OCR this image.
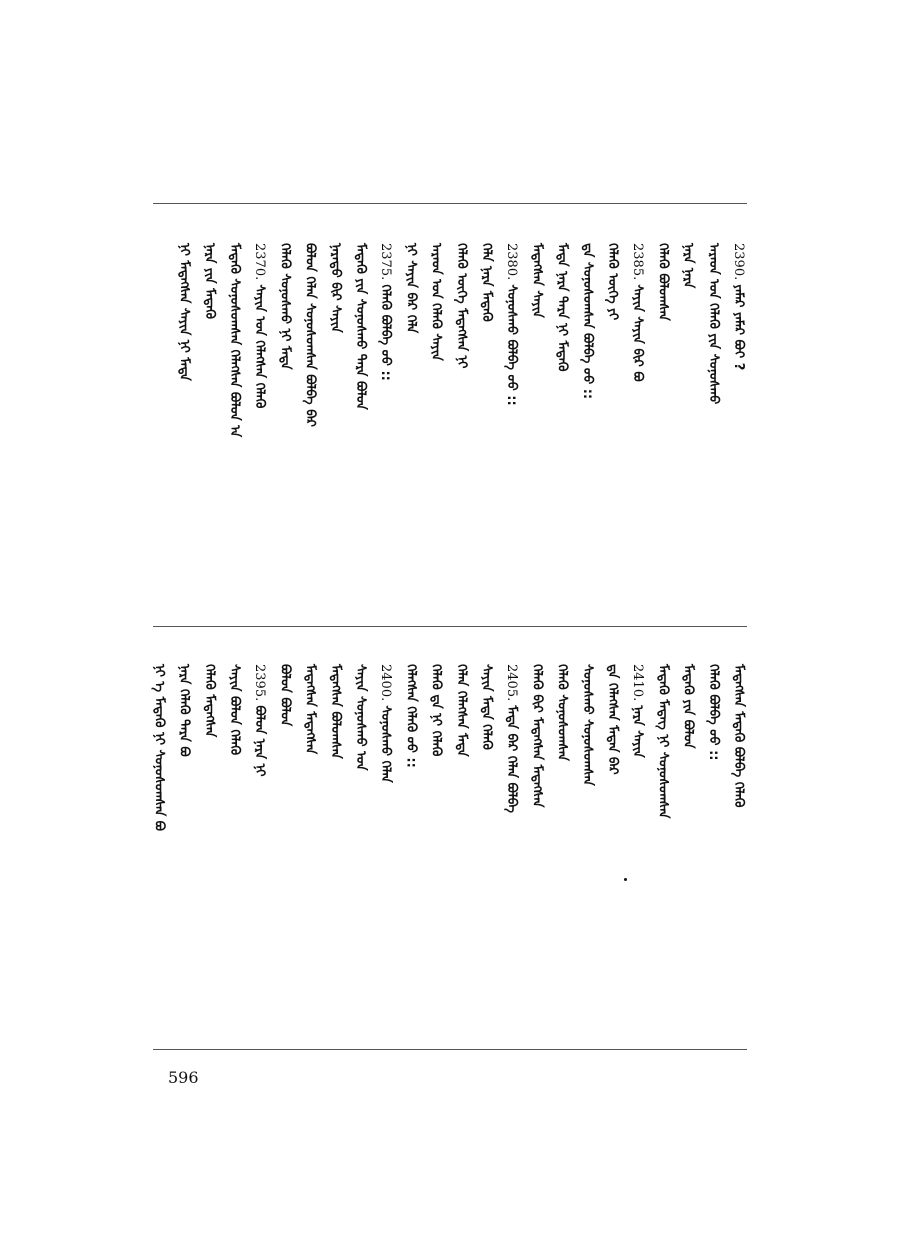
2390. ᠶᠠᠮᠠᠷ ᠶᠠᠮᠠᠷ ᠪᠤᠢ ?
ᠠᠷᠠᠳ ᠤᠨ ᠬᠡᠯᠡᠬᠦ ᠶᠢᠨ ᠰᠣᠨᠣᠰᠬᠤ
ᠨᠡᠷᠡ ᠨᠡᠷᠡ
ᠬᠡᠯᠡᠬᠦ ᠪᠤᠯᠤᠭᠰᠠᠨ
2385. ᠰᠠᠶᠢᠨ ᠰᠠᠶᠢᠨ ᠪᠢᠷ ᠪᠤ
ᠬᠡᠯᠡᠬᠦ ᠦᠭᠡ ᠶᠢ
ᠳᠠ ᠰᠣᠨᠣᠰᠤᠭᠰᠠᠨ ᠪᠤᠯᠪᠠ ᠤᠤ ::
ᠮᠡᠳᠡ ᠨᠡᠷᠡ ᠲᠡᠷᠡ ᠨᠢ ᠮᠡᠳᠡᠬᠦ
ᠮᠡᠳᠡᠭᠰᠡᠨ ᠰᠠᠶᠢᠨ
2380. ᠰᠣᠨᠣᠰᠬᠤ ᠪᠤᠯᠪᠠ ᠤᠤ ::
ᠬᠡᠯᠡ ᠨᠡᠷᠡ ᠮᠡᠳᠡᠬᠦ
ᠬᠡᠯᠡᠬᠦ ᠦᠭᠡ ᠮᠡᠳᠡᠭᠰᠡᠨ ᠨᠢ
ᠠᠷᠠᠳ ᠤᠨ ᠬᠡᠯᠡᠬᠦ ᠰᠠᠶᠢᠨ
ᠨᠢ ᠰᠠᠶᠢᠨ ᠪᠠᠷ ᠬᠡᠯᠡ
2375. ᠬᠡᠯᠡᠬᠦ ᠪᠤᠯᠪᠠ ᠤᠤ ::
ᠮᠡᠳᠡᠬᠦ ᠶᠢᠨ ᠰᠣᠨᠣᠰᠬᠤ ᠲᠡᠷᠡ ᠪᠤᠯᠤᠨ
ᠨᠡᠷᠡᠳᠦ ᠪᠢᠷ ᠰᠠᠶᠢᠨ
ᠪᠤᠯᠤᠨ ᠬᠡᠯᠡᠨ ᠰᠣᠨᠣᠰᠤᠭᠰᠠᠨ ᠪᠤᠯᠪᠠ ᠪᠠᠷ
ᠬᠡᠯᠡᠬᠦ ᠰᠣᠨᠣᠰᠬᠤ ᠨᠢ ᠮᠡᠳᠡ
2370. ᠰᠠᠶᠢᠨ ᠤᠨ ᠬᠡᠯᠡᠭᠰᠡᠨ ᠬᠡᠯᠡᠬᠦ
ᠮᠡᠳᠡᠬᠦ ᠰᠣᠨᠣᠰᠤᠭᠰᠠᠨ ᠬᠡᠯᠡᠭᠰᠡᠨ ᠪᠤᠯᠤᠨ ᠠ
ᠨᠡᠷᠡ ᠶᠢᠨ ᠮᠡᠳᠡᠬᠦ
ᠨᠢ ᠮᠡᠳᠡᠭᠰᠡᠨ ᠰᠠᠶᠢᠨ ᠨᠢ ᠮᠡᠳᠡ
ᠮᠡᠳᠡᠭᠰᠡᠨ ᠮᠡᠳᠡᠬᠦ ᠪᠤᠯᠪᠠ ᠬᠡᠯᠡᠬᠦ
ᠬᠡᠯᠡᠬᠦ ᠪᠤᠯᠪᠠ ᠤᠤ ::
ᠮᠡᠳᠡᠬᠦ ᠶᠢᠨ ᠪᠤᠯᠤᠨ
ᠮᠡᠳᠡᠬᠦ ᠮᠡᠳᠡᠭ ᠨᠢ ᠰᠣᠨᠣᠰᠤᠭᠰᠠᠨ
2410. ᠨᠡᠷᠡ ᠰᠠᠶᠢᠨ
ᠳᠠ ᠬᠡᠯᠡᠭᠰᠡᠨ ᠮᠡᠳᠡᠨ ᠪᠠᠷ
ᠰᠣᠨᠣᠰᠬᠤ ᠰᠣᠨᠣᠰᠤᠭᠰᠠᠨ
ᠬᠡᠯᠡᠬᠦ ᠰᠣᠨᠣᠰᠤᠭᠰᠠᠨ
ᠬᠡᠯᠡᠬᠦ ᠪᠢᠷ ᠮᠡᠳᠡᠭᠰᠡᠨ ᠮᠡᠳᠡᠭᠰᠡᠨ
2405. ᠮᠡᠳᠡ ᠪᠠᠷ ᠬᠡᠯᠡᠨ ᠪᠤᠯᠪᠠ
ᠰᠠᠶᠢᠨ ᠮᠡᠳᠡ ᠬᠡᠯᠡᠬᠦ
ᠬᠡᠯᠡᠨ ᠬᠡᠯᠡᠭᠰᠡᠨ ᠮᠡᠳᠡ
ᠬᠡᠯᠡᠬᠦ ᠳᠠ ᠨᠢ ᠬᠡᠯᠡᠬᠦ
ᠬᠡᠯᠡᠭᠰᠡᠨ ᠬᠡᠯᠡᠬᠦ ᠤᠤ ::
2400. ᠰᠣᠨᠣᠰᠬᠤ ᠬᠡᠯᠡᠨ
ᠰᠠᠶᠢᠨ ᠰᠣᠨᠣᠰᠬᠤ ᠤᠨ
ᠮᠡᠳᠡᠭᠰᠡᠨ ᠪᠤᠯᠤᠭᠰᠠᠨ
ᠮᠡᠳᠡᠭᠰᠡᠨ ᠮᠡᠳᠡᠭᠰᠡᠨ
ᠪᠤᠯᠤᠨ ᠪᠤᠯᠤᠨ
2395. ᠪᠤᠯᠤᠨ ᠨᠡᠷᠡ ᠨᠢ
ᠰᠠᠶᠢᠨ ᠪᠤᠯᠤᠨ ᠬᠡᠯᠡᠬᠦ
ᠬᠡᠯᠡᠬᠦ ᠮᠡᠳᠡᠭᠰᠡᠨ
ᠨᠡᠷᠡ ᠬᠡᠯᠡᠬᠦ ᠲᠡᠷᠡ ᠪᠤ
ᠨᠢ ᠡ ᠮᠡᠳᠡᠬᠦ ᠨᠢ ᠰᠣᠨᠣᠰᠤᠭᠰᠠᠨ ᠪᠤ
596
